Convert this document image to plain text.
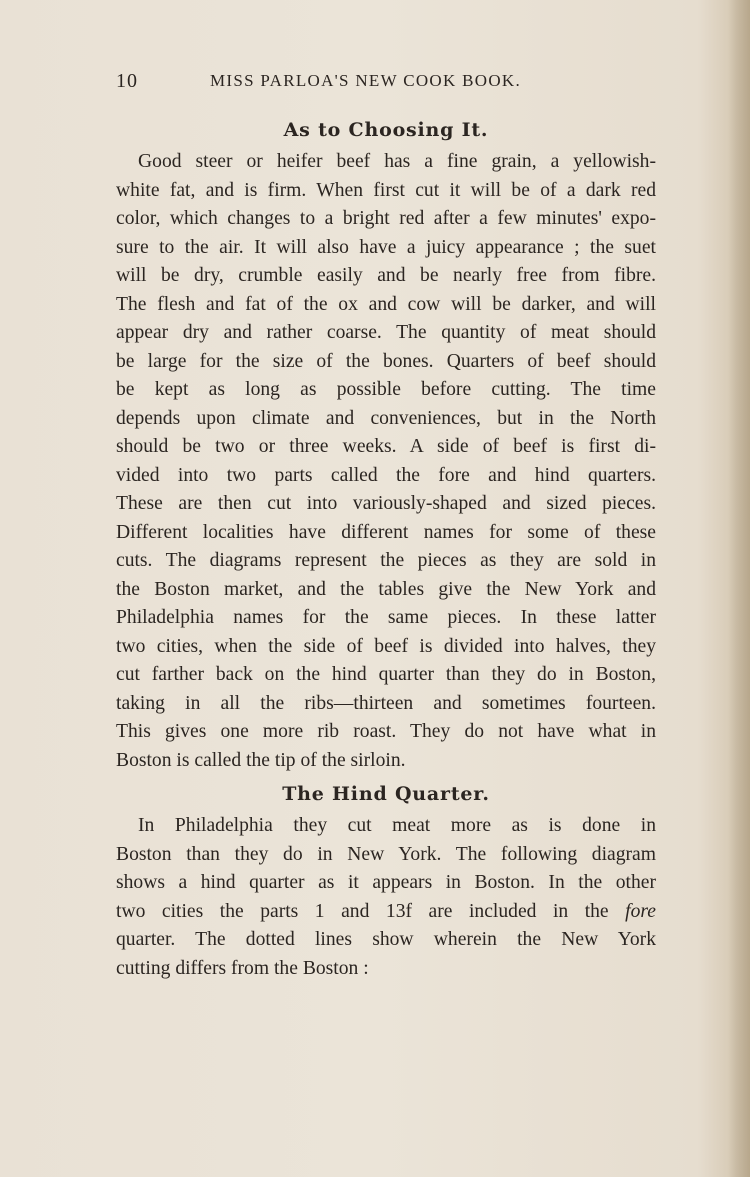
10	MISS PARLOA'S NEW COOK BOOK.
As to Choosing It.
Good steer or heifer beef has a fine grain, a yellowish-
white fat, and is firm. When first cut it will be of a dark red
color, which changes to a bright red after a few minutes' expo-
sure to the air. It will also have a juicy appearance ; the suet
will be dry, crumble easily and be nearly free from fibre.
The flesh and fat of the ox and cow will be darker, and will
appear dry and rather coarse. The quantity of meat should
be large for the size of the bones. Quarters of beef should
be kept as long as possible before cutting. The time
depends upon climate and conveniences, but in the North
should be two or three weeks. A side of beef is first di-
vided into two parts called the fore and hind quarters.
These are then cut into variously-shaped and sized pieces.
Different localities have different names for some of these
cuts. The diagrams represent the pieces as they are sold in
the Boston market, and the tables give the New York and
Philadelphia names for the same pieces. In these latter
two cities, when the side of beef is divided into halves, they
cut farther back on the hind quarter than they do in Boston,
taking in all the ribs—thirteen and sometimes fourteen.
This gives one more rib roast. They do not have what in
Boston is called the tip of the sirloin.
The Hind Quarter.
In Philadelphia they cut meat more as is done in
Boston than they do in New York. The following diagram
shows a hind quarter as it appears in Boston. In the other
two cities the parts 1 and 13f are included in the fore
quarter. The dotted lines show wherein the New York
cutting differs from the Boston :
